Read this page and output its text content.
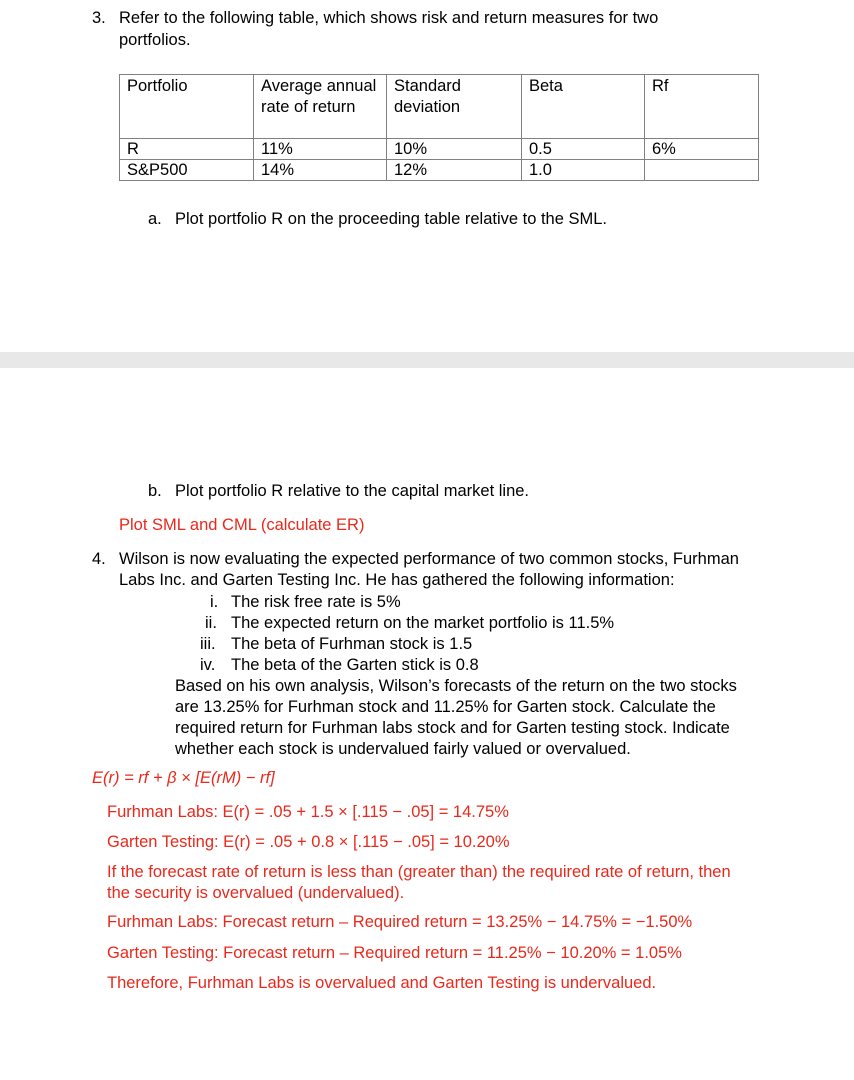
3. Refer to the following table, which shows risk and return measures for two
portfolios.
Portfolio	Average annual rate of return	Standard deviation	Beta	Rf
R	11%	10%	0.5	6%
S&P500	14%	12%	1.0	
a. Plot portfolio R on the proceeding table relative to the SML.
b. Plot portfolio R relative to the capital market line.
Plot SML and CML (calculate ER)
4. Wilson is now evaluating the expected performance of two common stocks, Furhman
Labs Inc. and Garten Testing Inc. He has gathered the following information:
i. The risk free rate is 5%
ii. The expected return on the market portfolio is 11.5%
iii. The beta of Furhman stock is 1.5
iv. The beta of the Garten stick is 0.8
Based on his own analysis, Wilson’s forecasts of the return on the two stocks
are 13.25% for Furhman stock and 11.25% for Garten stock. Calculate the
required return for Furhman labs stock and for Garten testing stock. Indicate
whether each stock is undervalued fairly valued or overvalued.
E(r) = rf + β × [E(rM) − rf]
Furhman Labs: E(r) = .05 + 1.5 × [.115 − .05] = 14.75%
Garten Testing: E(r) = .05 + 0.8 × [.115 − .05] = 10.20%
If the forecast rate of return is less than (greater than) the required rate of return, then
the security is overvalued (undervalued).
Furhman Labs: Forecast return – Required return = 13.25% − 14.75% = −1.50%
Garten Testing: Forecast return – Required return = 11.25% − 10.20% = 1.05%
Therefore, Furhman Labs is overvalued and Garten Testing is undervalued.
